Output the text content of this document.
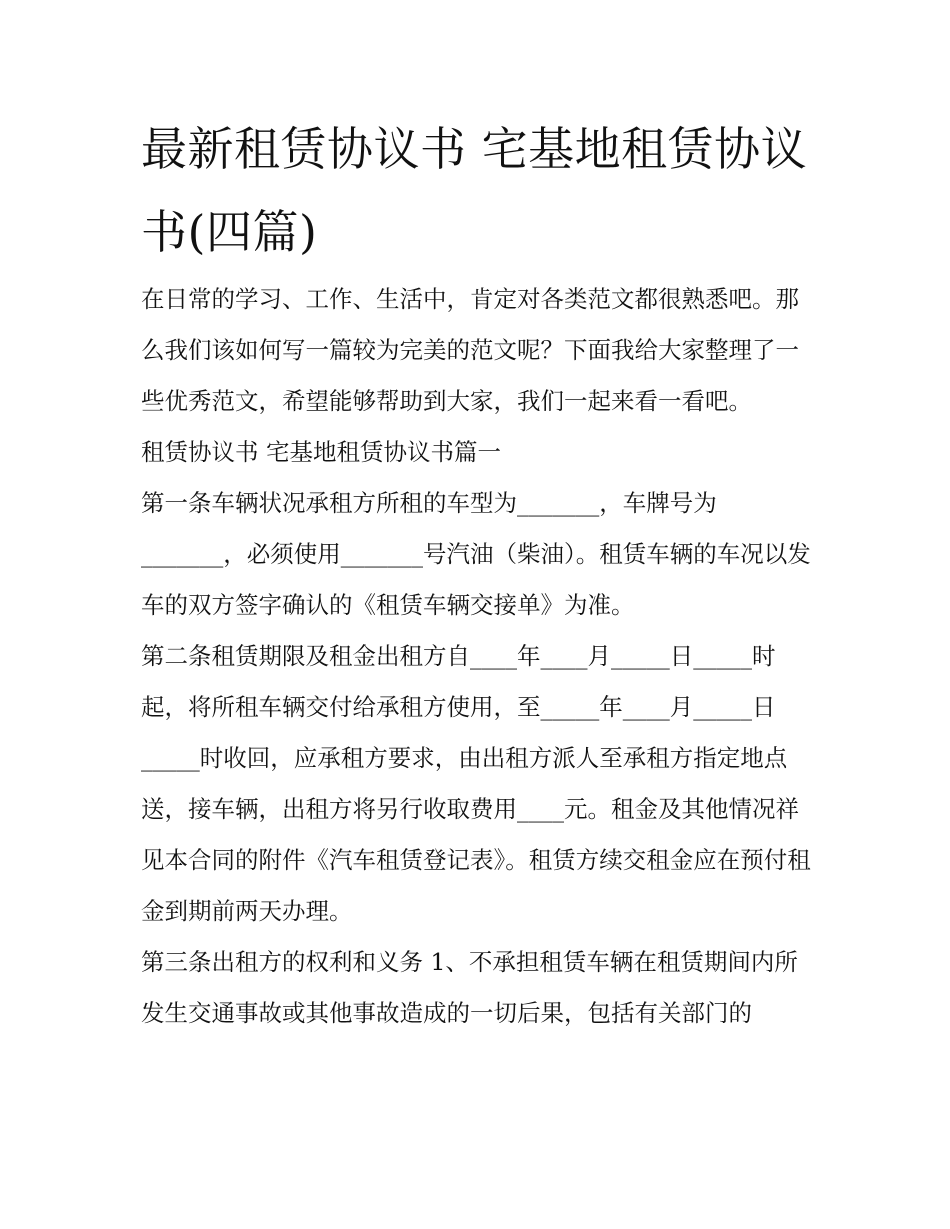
最新租赁协议书 宅基地租赁协议书(四篇)

在日常的学习、工作、生活中，肯定对各类范文都很熟悉吧。那么我们该如何写一篇较为完美的范文呢？下面我给大家整理了一些优秀范文，希望能够帮助到大家，我们一起来看一看吧。

租赁协议书 宅基地租赁协议书篇一

第一条车辆状况承租方所租的车型为_______，车牌号为_______，必须使用_______号汽油（柴油）。租赁车辆的车况以发车的双方签字确认的《租赁车辆交接单》为准。

第二条租赁期限及租金出租方自____年____月_____日_____时起，将所租车辆交付给承租方使用，至_____年____月_____日_____时收回，应承租方要求，由出租方派人至承租方指定地点送，接车辆，出租方将另行收取费用____元。租金及其他情况祥见本合同的附件《汽车租赁登记表》。租赁方续交租金应在预付租金到期前两天办理。

第三条出租方的权利和义务 1、不承担租赁车辆在租赁期间内所发生交通事故或其他事故造成的一切后果，包括有关部门的
